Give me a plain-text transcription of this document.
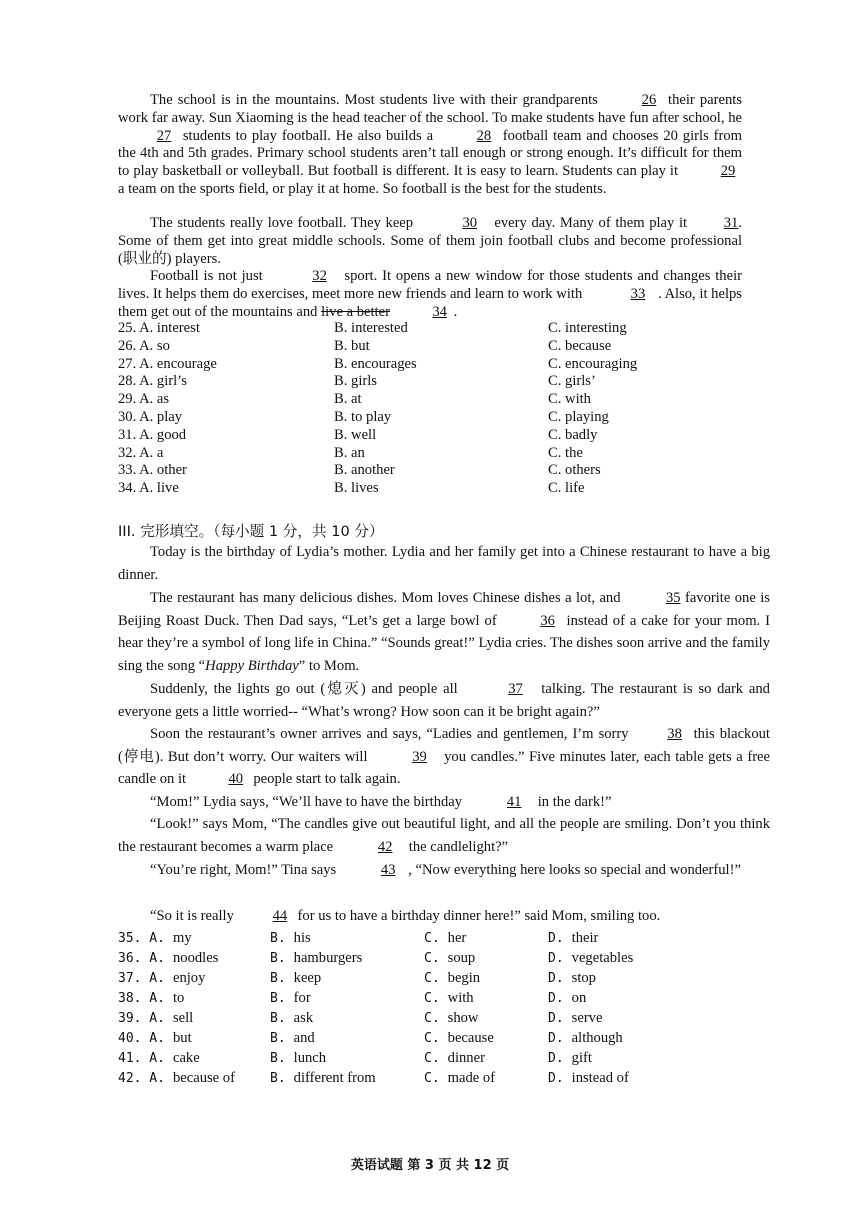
The school is in the mountains. Most students live with their grandparents	26 their parents work far away. Sun Xiaoming is the head teacher of the school. To make students have fun after school, he 27 students to play football. He also builds a	28 football team and chooses 20 girls from the 4th and 5th grades. Primary school students aren’t tall enough or strong enough. It’s difficult for them to play basketball or volleyball. But football is different. It is easy to learn. Students can play it	29 a team on the sports field, or play it at home. So football is the best for the students.
The students really love football. They keep	30 every day. Many of them play it 31. Some of them get into great middle schools. Some of them join football clubs and become professional (职业的) players.
Football is not just	32 sport. It opens a new window for those students and changes their lives. It helps them do exercises, meet more new friends and learn to work with	33 . Also, it helps them get out of the mountains and live a better	34 .
25. A. interest	B. interested	C. interesting
26. A. so	B. but	C. because
27. A. encourage	B. encourages	C. encouraging
28. A. girl’s	B. girls	C. girls’
29. A. as	B. at	C. with
30. A. play	B. to play	C. playing
31. A. good	B. well	C. badly
32. A. a	B. an	C. the
33. A. other	B. another	C. others
34. A. live	B. lives	C. life
III. 完形填空。（每小题 1 分，共 10 分）
Today is the birthday of Lydia’s mother. Lydia and her family get into a Chinese restaurant to have a big dinner.
The restaurant has many delicious dishes. Mom loves Chinese dishes a lot, and	35 favorite one is Beijing Roast Duck. Then Dad says, “Let’s get a large bowl of	36 instead of a cake for your mom. I hear they’re a symbol of long life in China.” “Sounds great!” Lydia cries. The dishes soon arrive and the family sing the song “Happy Birthday” to Mom.
Suddenly, the lights go out (熄灭) and people all	37 talking. The restaurant is so dark and everyone gets a little worried-- “What’s wrong? How soon can it be bright again?”
Soon the restaurant’s owner arrives and says, “Ladies and gentlemen, I’m sorry	38 this blackout (停电). But don’t worry. Our waiters will	39 you candles.” Five minutes later, each table gets a free candle on it	40 people start to talk again.
“Mom!” Lydia says, “We’ll have to have the birthday	41 in the dark!”
“Look!” says Mom, “The candles give out beautiful light, and all the people are smiling. Don’t you think the restaurant becomes a warm place	42 the candlelight?”
“You’re right, Mom!” Tina says	43 , “Now everything here looks so special and wonderful!”
“So it is really	44 for us to have a birthday dinner here!” said Mom, smiling too.
35. A. my	B. his	C. her	D. their
36. A. noodles	B. hamburgers	C. soup	D. vegetables
37. A. enjoy	B. keep	C. begin	D. stop
38. A. to	B. for	C. with	D. on
39. A. sell	B. ask	C. show	D. serve
40. A. but	B. and	C. because	D. although
41. A. cake	B. lunch	C. dinner	D. gift
42. A. because of	B. different from	C. made of	D. instead of
英语试题 第 3 页 共 12 页
